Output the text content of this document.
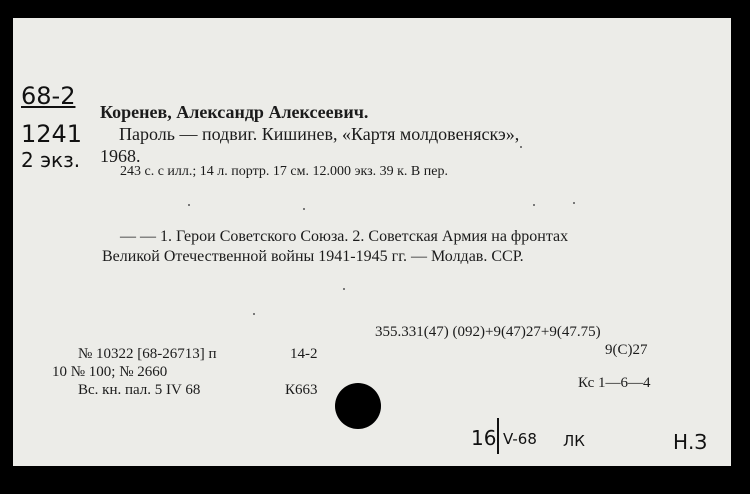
68-2
1241
2 экз.
Коренев, Александр Алексеевич.
Пароль — подвиг. Кишинев, «Картя молдовеняскэ»,
1968.
243 с. с илл.; 14 л. портр. 17 см. 12.000 экз. 39 к. В пер.
— — 1. Герои Советского Союза. 2. Советская Армия на фронтах
Великой Отечественной войны 1941-1945 гг. — Молдав. ССР.
355.331(47) (092)+9(47)27+9(47.75)
9(С)27
№ 10322 [68-26713] п	14-2
10 № 100; № 2660
Вс. кн. пал. 5 IV 68	К663	Кс 1—6—4
16 V-68 ЛК	Н.З
